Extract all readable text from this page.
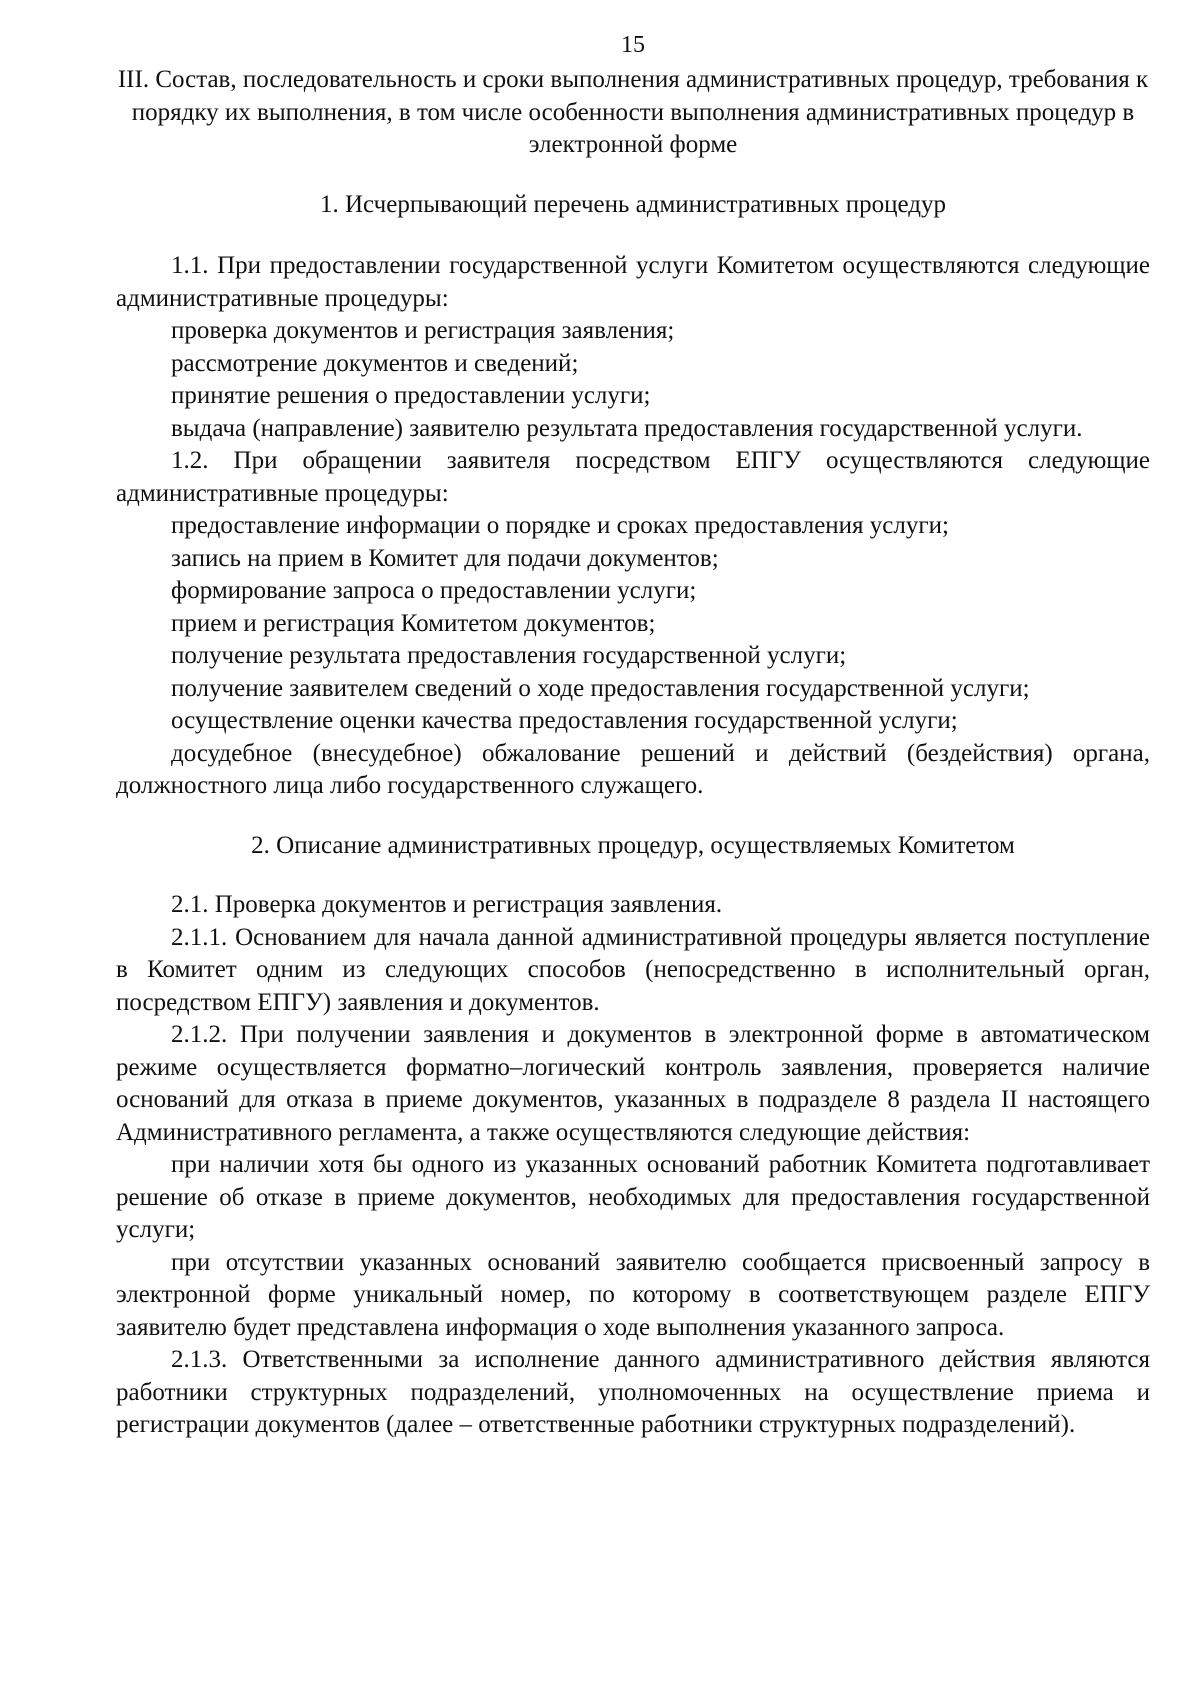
15
III. Состав, последовательность и сроки выполнения административных процедур, требования к порядку их выполнения, в том числе особенности выполнения административных процедур в электронной форме
1. Исчерпывающий перечень административных процедур
1.1. При предоставлении государственной услуги Комитетом осуществляются следующие административные процедуры:
проверка документов и регистрация заявления;
рассмотрение документов и сведений;
принятие решения о предоставлении услуги;
выдача (направление) заявителю результата предоставления государственной услуги.
1.2. При обращении заявителя посредством ЕПГУ осуществляются следующие административные процедуры:
предоставление информации о порядке и сроках предоставления услуги;
запись на прием в Комитет для подачи документов;
формирование запроса о предоставлении услуги;
прием и регистрация Комитетом документов;
получение результата предоставления государственной услуги;
получение заявителем сведений о ходе предоставления государственной услуги;
осуществление оценки качества предоставления государственной услуги;
досудебное (внесудебное) обжалование решений и действий (бездействия) органа, должностного лица либо государственного служащего.
2. Описание административных процедур, осуществляемых Комитетом
2.1. Проверка документов и регистрация заявления.
2.1.1. Основанием для начала данной административной процедуры является поступление в Комитет одним из следующих способов (непосредственно в исполнительный орган, посредством ЕПГУ) заявления и документов.
2.1.2. При получении заявления и документов в электронной форме в автоматическом режиме осуществляется форматно–логический контроль заявления, проверяется наличие оснований для отказа в приеме документов, указанных в подразделе 8 раздела II настоящего Административного регламента, а также осуществляются следующие действия:
при наличии хотя бы одного из указанных оснований работник Комитета подготавливает решение об отказе в приеме документов, необходимых для предоставления государственной услуги;
при отсутствии указанных оснований заявителю сообщается присвоенный запросу в электронной форме уникальный номер, по которому в соответствующем разделе ЕПГУ заявителю будет представлена информация о ходе выполнения указанного запроса.
2.1.3. Ответственными за исполнение данного административного действия являются работники структурных подразделений, уполномоченных на осуществление приема и регистрации документов (далее – ответственные работники структурных подразделений).
